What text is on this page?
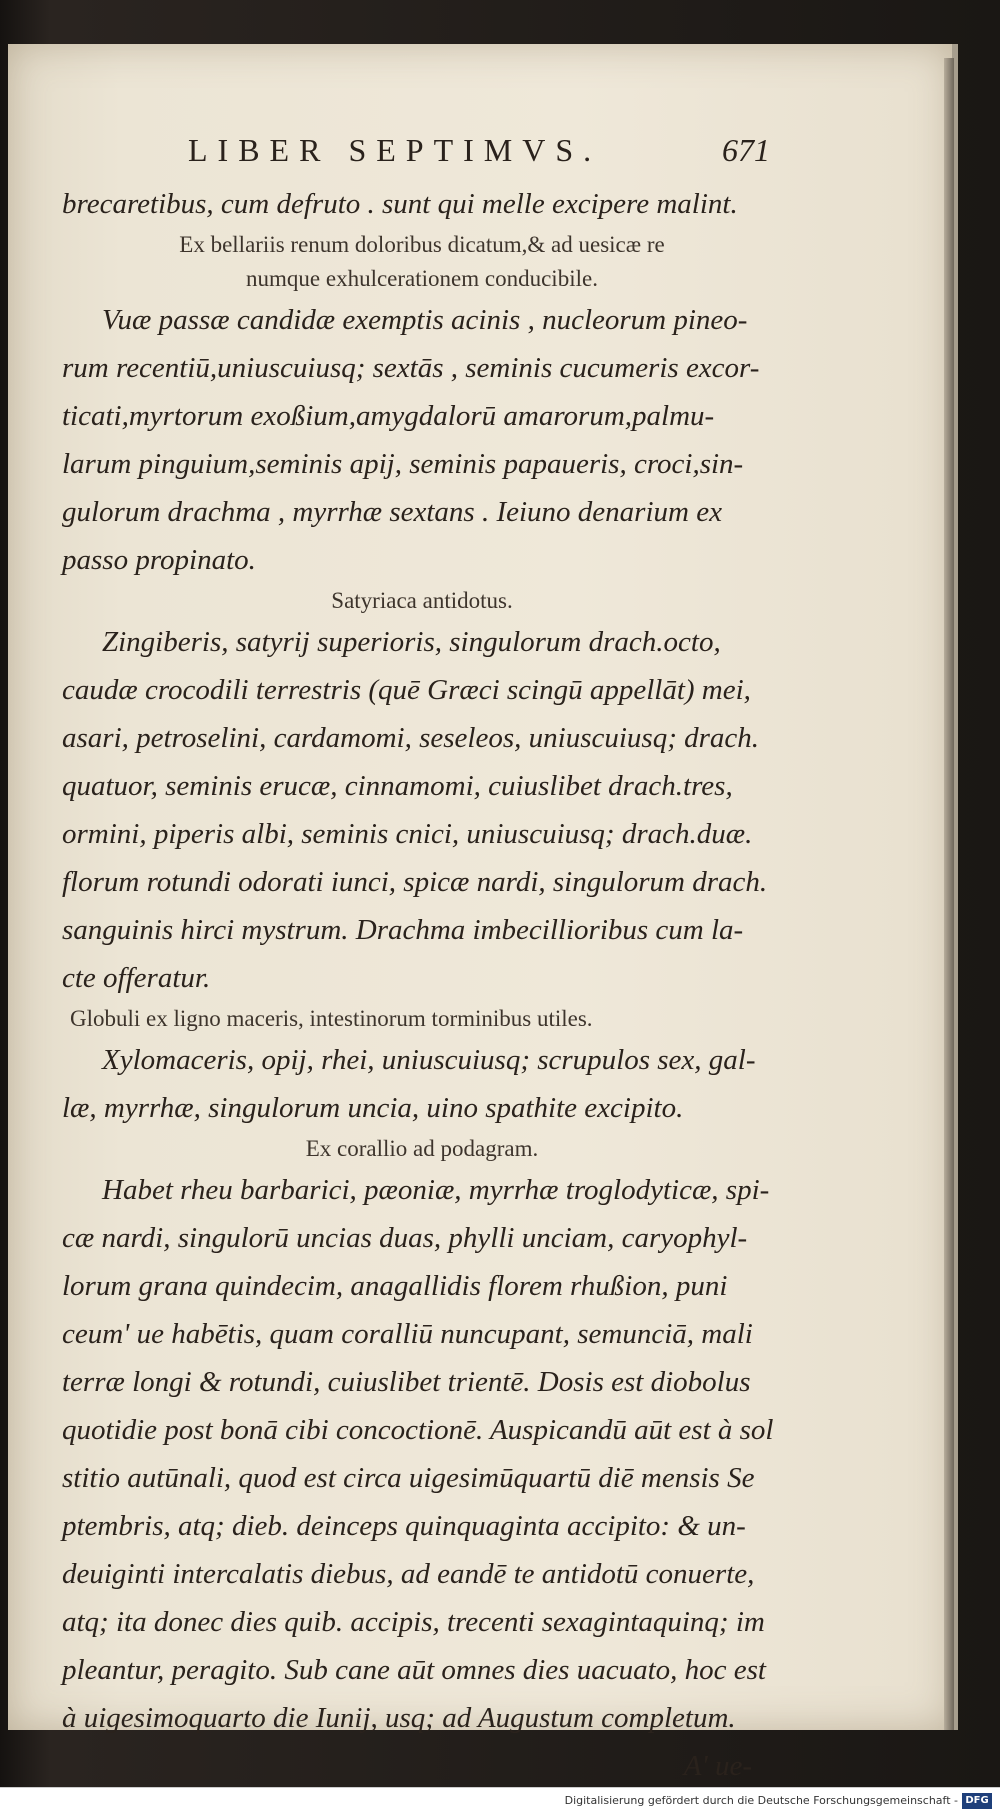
LIBER SEPTIMVS.	671
brecaretibus, cum defruto . sunt qui melle excipere malint.
Ex bellariis renum doloribus dicatum,& ad uesicæ re
numque exhulcerationem conducibile.
Vuæ passæ candidæ exemptis acinis , nucleorum pineo-
rum recentiū,uniuscuiusq; sextās , seminis cucumeris excor-
ticati,myrtorum exoßium,amygdalorū amarorum,palmu-
larum pinguium,seminis apij, seminis papaueris, croci,sin-
gulorum drachma , myrrhæ sextans . Ieiuno denarium ex
passo propinato.
Satyriaca antidotus.
Zingiberis, satyrij superioris, singulorum drach.octo,
caudæ crocodili terrestris (quē Græci scingū appellāt) mei,
asari, petroselini, cardamomi, seseleos, uniuscuiusq; drach.
quatuor, seminis erucæ, cinnamomi, cuiuslibet drach.tres,
ormini, piperis albi, seminis cnici, uniuscuiusq; drach.duæ.
florum rotundi odorati iunci, spicæ nardi, singulorum drach.
sanguinis hirci mystrum. Drachma imbecillioribus cum la-
cte offeratur.
Globuli ex ligno maceris, intestinorum torminibus utiles.
Xylomaceris, opij, rhei, uniuscuiusq; scrupulos sex, gal-
læ, myrrhæ, singulorum uncia, uino spathite excipito.
Ex corallio ad podagram.
Habet rheu barbarici, pæoniæ, myrrhæ troglodyticæ, spi-
cæ nardi, singulorū uncias duas, phylli unciam, caryophyl-
lorum grana quindecim, anagallidis florem rhußion, puni
ceum' ue habētis, quam coralliū nuncupant, semunciā, mali
terræ longi & rotundi, cuiuslibet trientē. Dosis est diobolus
quotidie post bonā cibi concoctionē. Auspicandū aūt est à sol
stitio autūnali, quod est circa uigesimūquartū diē mensis Se
ptembris, atq; dieb. deinceps quinquaginta accipito: & un-
deuiginti intercalatis diebus, ad eandē te antidotū conuerte,
atq; ita donec dies quib. accipis, trecenti sexagintaquinq; im
pleantur, peragito. Sub cane aūt omnes dies uacuato, hoc est
à uigesimoquarto die Iunij, usq; ad Augustum completum.
A' ue-
Digitalisierung gefördert durch die Deutsche Forschungsgemeinschaft - DFG
